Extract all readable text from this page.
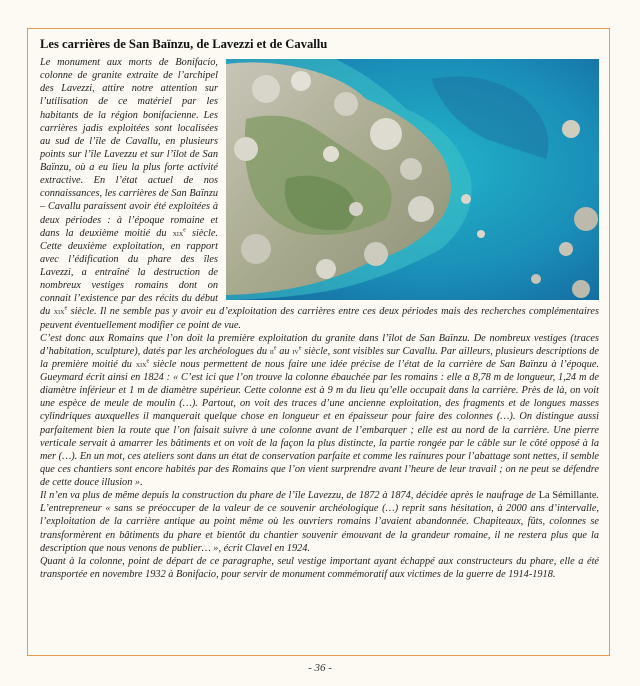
Les carrières de San Baïnzu, de Lavezzi et de Cavallu

Le monument aux morts de Bonifacio, colonne de granite extraite de l’archipel des Lavezzi, attire notre attention sur l’utilisation de ce matériel par les habitants de la région bonifacienne. Les carrières jadis exploitées sont localisées au sud de l’île de Cavallu, en plusieurs points sur l’île Lavezzu et sur l’îlot de San Baïnzu, où a eu lieu la plus forte activité extractive. En l’état actuel de nos connaissances, les carrières de San Baïnzu – Cavallu paraissent avoir été exploitées à deux périodes : à l’époque romaine et dans la deuxième moitié du xix$^e$ siècle. Cette deuxième exploitation, en rapport avec l’édification du phare des îles Lavezzi, a entraîné la destruction de nombreux vestiges romains dont on connait l’existence par des récits du début du xix$^e$ siècle. Il ne semble pas y avoir eu d’exploitation des carrières entre ces deux périodes mais des recherches complémentaires peuvent éventuellement modifier ce point de vue.

C’est donc aux Romains que l’on doit la première exploitation du granite dans l’îlot de San Baïnzu. De nombreux vestiges (traces d’habitation, sculpture), datés par les archéologues du $ii^e$ au $iv^e$ siècle, sont visibles sur Cavallu. Par ailleurs, plusieurs descriptions de la première moitié du xix$^e$ siècle nous permettent de nous faire une idée précise de l’état de la carrière de San Baïnzu à l’époque. Gueymard écrit ainsi en 1824 : « C’est ici que l’on trouve la colonne ébauchée par les romains : elle a 8,78 m de longueur, 1,24 m de diamètre inférieur et 1 m de diamètre supérieur. Cette colonne est à 9 m du lieu qu’elle occupait dans la carrière. Près de là, on voit une espèce de meule de moulin (…). Partout, on voit des traces d’une ancienne exploitation, des fragments et de longues masses cylindriques auxquelles il manquerait quelque chose en longueur et en épaisseur pour faire des colonnes (…). On distingue aussi parfaitement bien la route que l’on faisait suivre à une colonne avant de l’embarquer ; elle est au nord de la carrière. Une pierre verticale servait à amarrer les bâtiments et on voit de la façon la plus distincte, la partie rongée par le câble sur le côté opposé à la mer (…). En un mot, ces ateliers sont dans un état de conservation parfaite et comme les rainures pour l’abattage sont nettes, il semble que ces chantiers sont encore habités par des Romains que l’on vient surprendre avant l’heure de leur travail ; on ne peut se défendre de cette douce illusion ».

Il n’en va plus de même depuis la construction du phare de l’île Lavezzu, de 1872 à 1874, décidée après le naufrage de La Sémillante. L’entrepreneur « sans se préoccuper de la valeur de ce souvenir archéologique (…) reprit sans hésitation, à 2000 ans d’intervalle, l’exploitation de la carrière antique au point même où les ouvriers romains l’avaient abandonnée. Chapiteaux, fûts, colonnes se transformèrent en bâtiments du phare et bientôt du chantier souvenir émouvant de la grandeur romaine, il ne restera plus que la description que nous venons de publier… », écrit Clavel en 1924.

Quant à la colonne, point de départ de ce paragraphe, seul vestige important ayant échappé aux constructeurs du phare, elle a été transportée en novembre 1932 à Bonifacio, pour servir de monument commémoratif aux victimes de la guerre de 1914-1918.

- 36 -
